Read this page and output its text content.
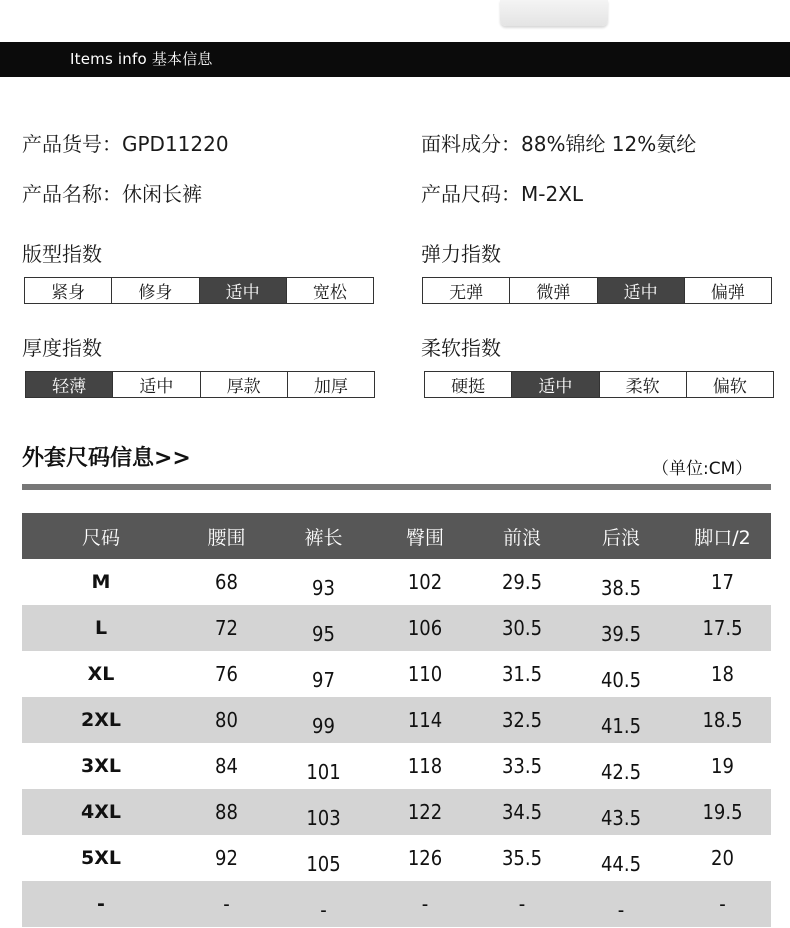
Items info 基本信息
产品货号：GPD11220	面料成分：88%锦纶 12%氨纶
产品名称：休闲长裤	产品尺码：M-2XL
版型指数
紧身	修身	适中	宽松
弹力指数
无弹	微弹	适中	偏弹
厚度指数
轻薄	适中	厚款	加厚
柔软指数
硬挺	适中	柔软	偏软
外套尺码信息>>	（单位:CM）
尺码	腰围	裤长	臀围	前浪	后浪	脚口/2
M	68	93	102	29.5	38.5	17
L	72	95	106	30.5	39.5	17.5
XL	76	97	110	31.5	40.5	18
2XL	80	99	114	32.5	41.5	18.5
3XL	84	101	118	33.5	42.5	19
4XL	88	103	122	34.5	43.5	19.5
5XL	92	105	126	35.5	44.5	20
-	-	-	-	-	-	-
